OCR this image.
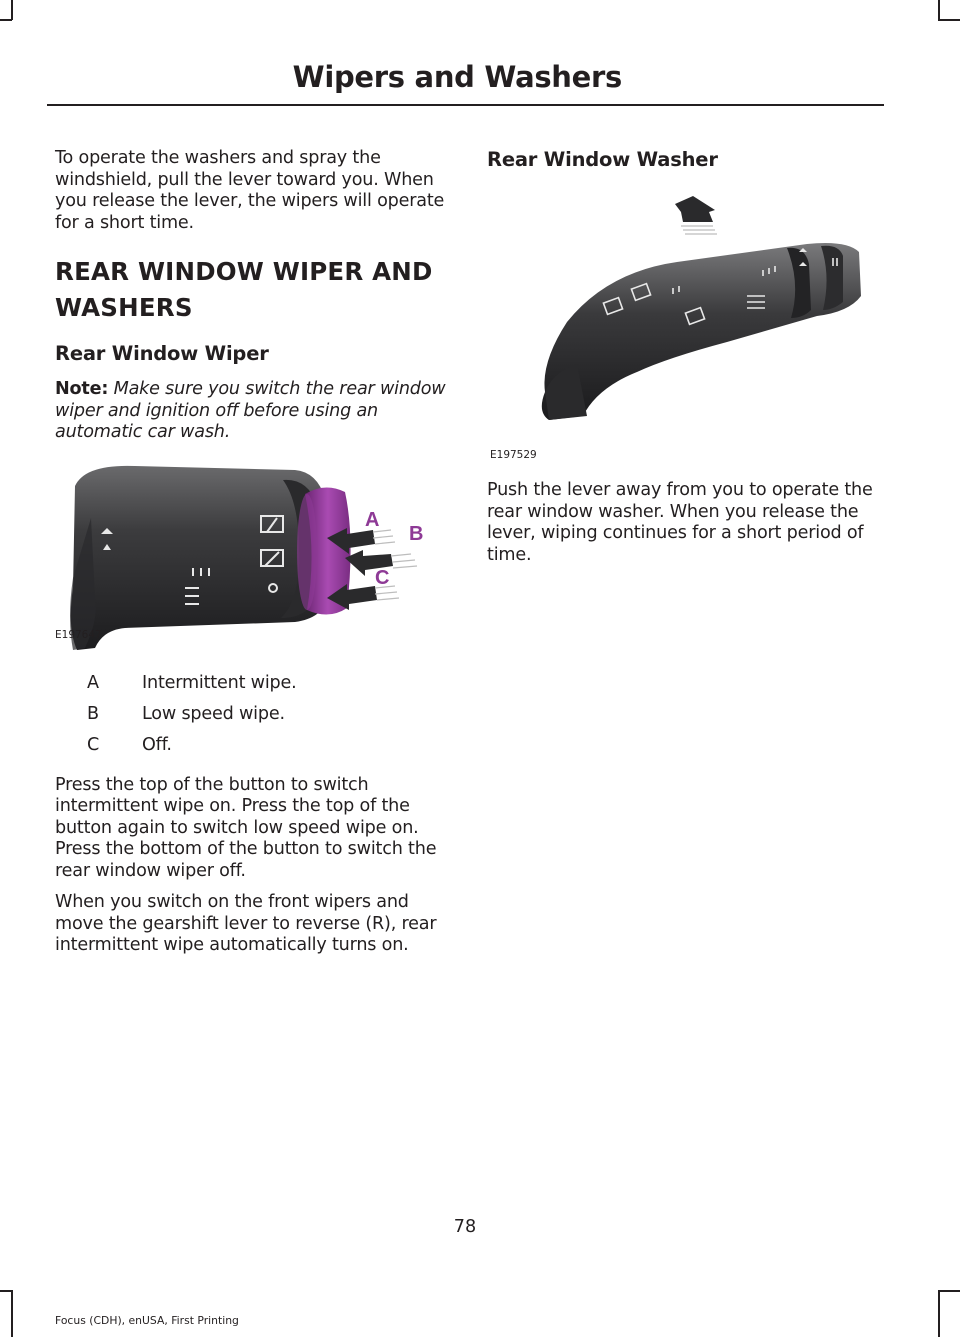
Wipers and Washers

To operate the washers and spray the windshield, pull the lever toward you. When you release the lever, the wipers will operate for a short time.

REAR WINDOW WIPER AND
WASHERS
Rear Window Wiper

Note: Make sure you switch the rear window wiper and ignition off before using an automatic car wash.

A
B
C
E197647
A	Intermittent wipe.
B	Low speed wipe.
C	Off.

Press the top of the button to switch intermittent wipe on. Press the top of the button again to switch low speed wipe on. Press the bottom of the button to switch the rear window wiper off.

When you switch on the front wipers and move the gearshift lever to reverse (R), rear intermittent wipe automatically turns on.

Rear Window Washer
E197529

Push the lever away from you to operate the rear window washer. When you release the lever, wiping continues for a short period of time.

78
Focus (CDH), enUSA, First Printing
